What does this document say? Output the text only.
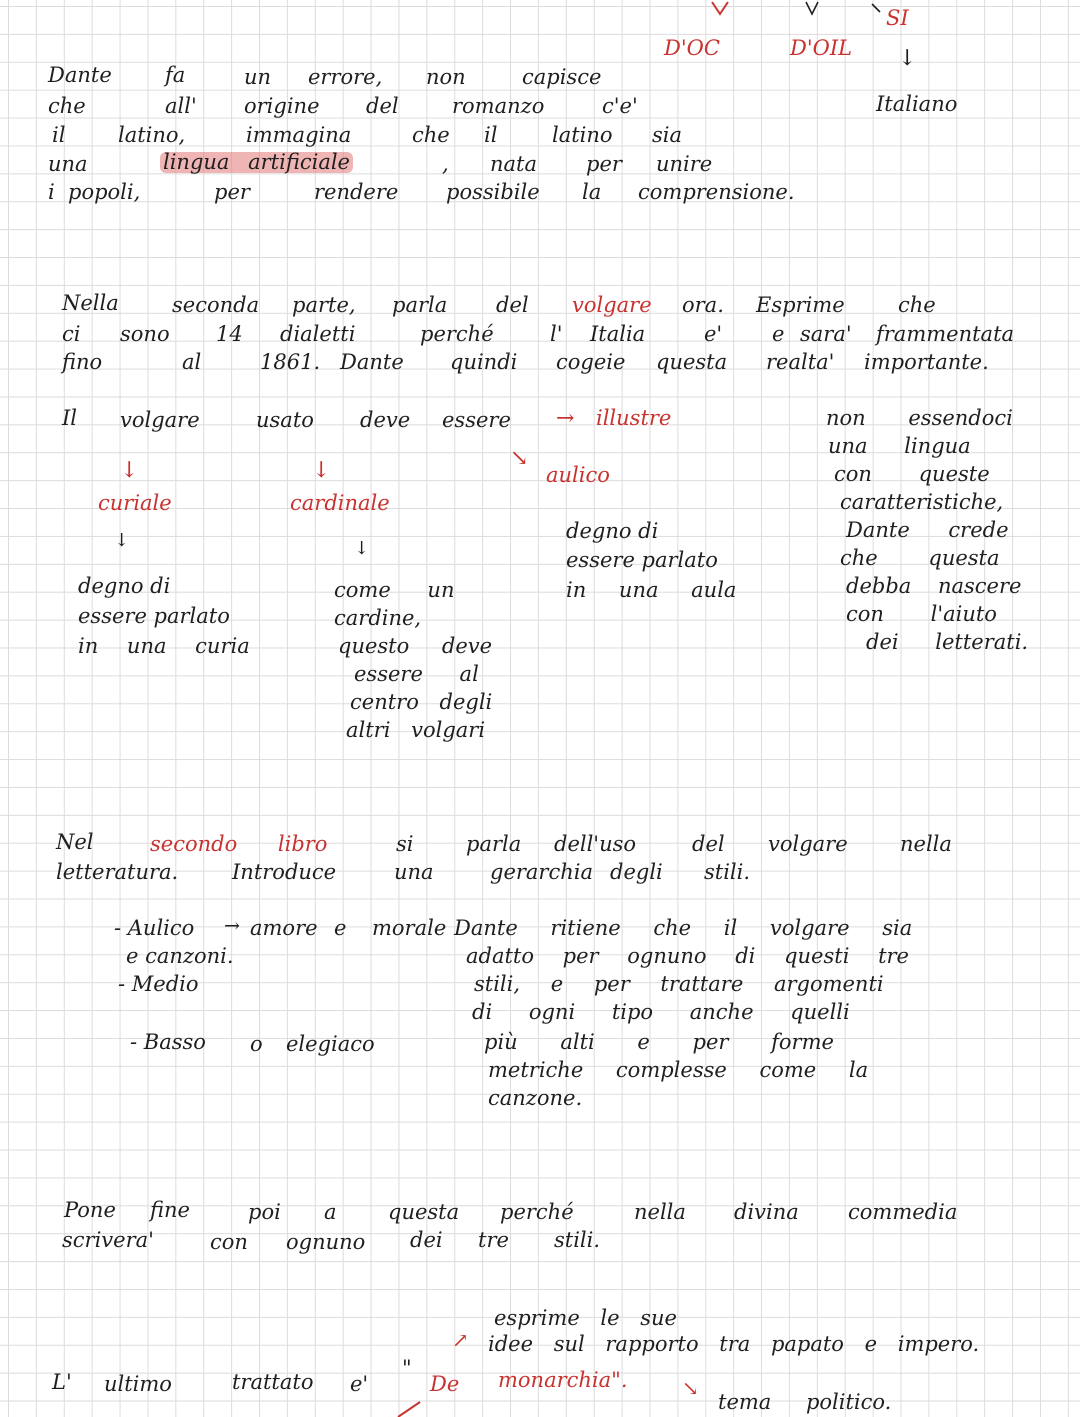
D'OC	D'OIL
SI
↓
Italiano
Dante	fa	un errore, non	capisce
che	all' origine del	romanzo	c'e'
il	latino,	immagina	che il	latino sia
una	lingua artificiale	, nata per unire
i popoli,	per	rendere possibile la comprensione.
Nella	seconda parte, parla del volgare ora. Esprime	che
ci sono 14 dialetti	perché	l' Italia	e' e sara' frammentata
fino	al	1861. Dante quindi cogeie questa realta' importante.
Il volgare	usato deve essere → illustre
↘
aulico
degno di
essere parlato
in una aula
↓
curiale
↓
degno di
essere parlato
in una curia
↓
cardinale
↓
come un
cardine,
questo deve
essere al
centro degli
altri volgari
non essendoci
una lingua
con queste
caratteristiche,
Dante crede
che questa
debba nascere
con l'aiuto
dei letterati.
Nel	secondo libro	si	parla dell'uso	del volgare nella
letteratura.	Introduce	una	gerarchia degli stili.
- Aulico → amore e morale
e canzoni.
- Medio
- Basso o elegiaco
Dante ritiene che il volgare sia
adatto per ognuno di questi tre
stili, e per trattare argomenti
di ogni tipo anche quelli
più alti e per forme
metriche complesse come la
canzone.
Pone fine	poi a questa perché	nella divina commedia
scrivera'	con ognuno dei tre stili.
esprime le sue
↗ idee sul rapporto tra papato e impero.
L' ultimo	trattato e'
"
De monarchia".	↘
tema politico.
